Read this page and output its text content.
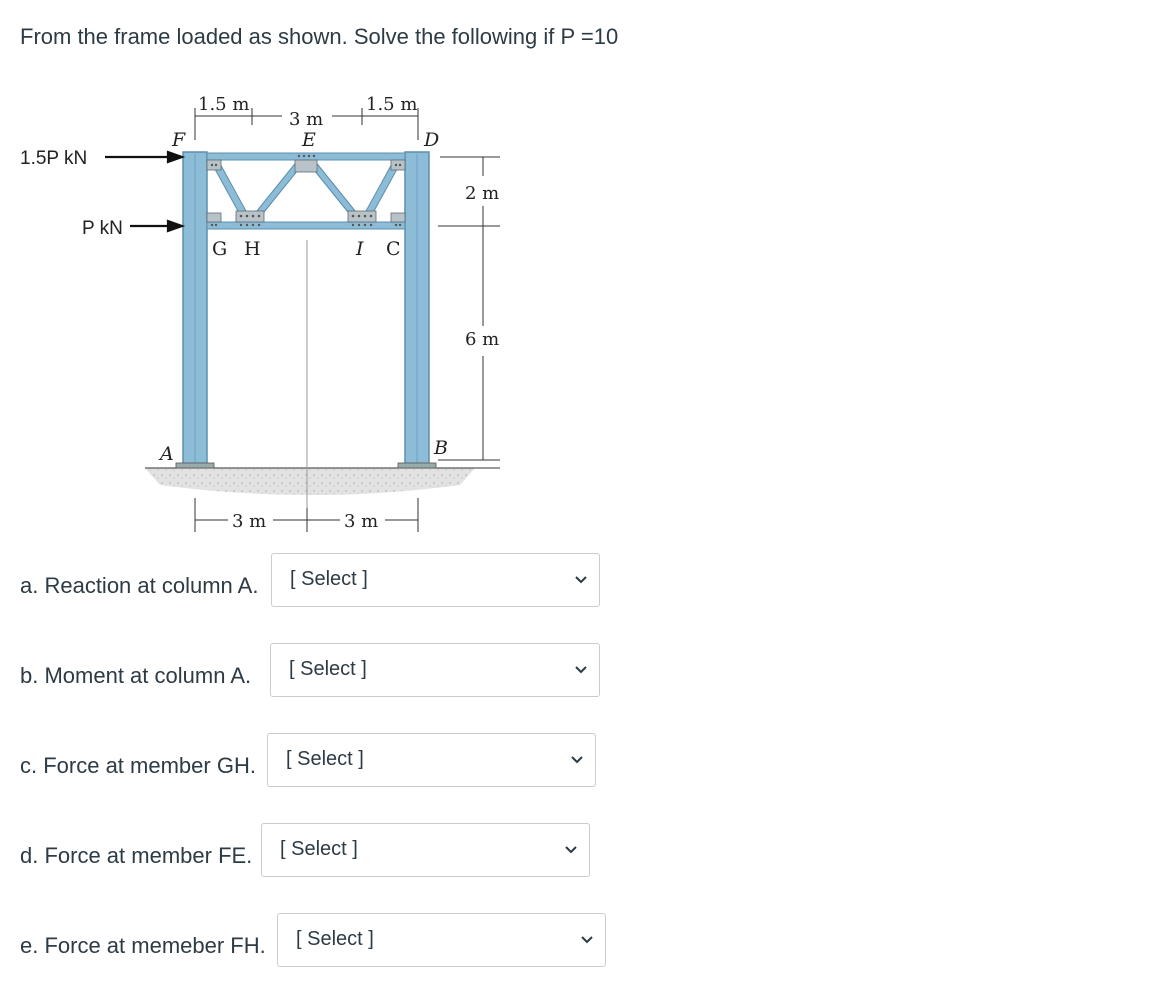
From the frame loaded as shown. Solve the following if P =10
1.5P kN
P kN
1.5 m
3 m
1.5 m
2 m
6 m
3 m	3 m
F	E	D
G H	I C
A	B
a. Reaction at column A. [ Select ]
b. Moment at column A. [ Select ]
c. Force at member GH. [ Select ]
d. Force at member FE. [ Select ]
e. Force at memeber FH. [ Select ]
